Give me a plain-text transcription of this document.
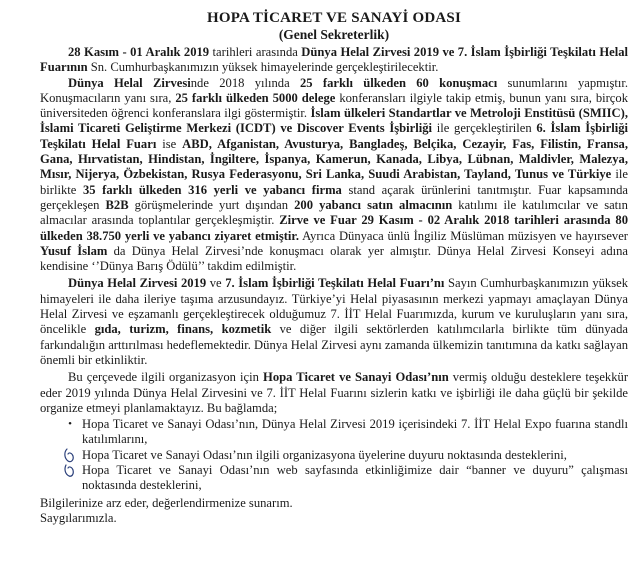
HOPA TİCARET VE SANAYİ ODASI

(Genel Sekreterlik)

28 Kasım - 01 Aralık 2019 tarihleri arasında Dünya Helal Zirvesi 2019 ve 7. İslam İşbirliği Teşkilatı Helal Fuarının Sn. Cumhurbaşkanımızın yüksek himayelerinde gerçekleştirilecektir.

Dünya Helal Zirvesinde 2018 yılında 25 farklı ülkeden 60 konuşmacı sunumlarını yapmıştır. Konuşmacıların yanı sıra, 25 farklı ülkeden 5000 delege konferansları ilgiyle takip etmiş, bunun yanı sıra, birçok üniversiteden öğrenci konferanslara ilgi göstermiştir. İslam ülkeleri Standartlar ve Metroloji Enstitüsü (SMIIC), İslami Ticareti Geliştirme Merkezi (ICDT) ve Discover Events İşbirliği ile gerçekleştirilen 6. İslam İşbirliği Teşkilatı Helal Fuarı ise ABD, Afganistan, Avusturya, Bangladeş, Belçika, Cezayir, Fas, Filistin, Fransa, Gana, Hırvatistan, Hindistan, İngiltere, İspanya, Kamerun, Kanada, Libya, Lübnan, Maldivler, Malezya, Mısır, Nijerya, Özbekistan, Rusya Federasyonu, Sri Lanka, Suudi Arabistan, Tayland, Tunus ve Türkiye ile birlikte 35 farklı ülkeden 316 yerli ve yabancı firma stand açarak ürünlerini tanıtmıştır. Fuar kapsamında gerçekleşen B2B görüşmelerinde yurt dışından 200 yabancı satın almacının katılımı ile katılımcılar ve satın almacılar arasında toplantılar gerçekleşmiştir. Zirve ve Fuar 29 Kasım - 02 Aralık 2018 tarihleri arasında 80 ülkeden 38.750 yerli ve yabancı ziyaret etmiştir. Ayrıca Dünyaca ünlü İngiliz Müslüman müzisyen ve hayırsever Yusuf İslam da Dünya Helal Zirvesi’nde konuşmacı olarak yer almıştır. Dünya Helal Zirvesi Konseyi adına kendisine ‘’Dünya Barış Ödülü’’ takdim edilmiştir.

Dünya Helal Zirvesi 2019 ve 7. İslam İşbirliği Teşkilatı Helal Fuarı’nı Sayın Cumhurbaşkanımızın yüksek himayeleri ile daha ileriye taşıma arzusundayız. Türkiye’yi Helal piyasasının merkezi yapmayı amaçlayan Dünya Helal Zirvesi ve eşzamanlı gerçekleştirecek olduğumuz 7. İİT Helal Fuarımızda, kurum ve kuruluşların yanı sıra, öncelikle gıda, turizm, finans, kozmetik ve diğer ilgili sektörlerden katılımcılarla birlikte tüm dünyada farkındalığın arttırılması hedeflemektedir. Dünya Helal Zirvesi aynı zamanda ülkemizin tanıtımına da katkı sağlayan önemli bir etkinliktir.

Bu çerçevede ilgili organizasyon için Hopa Ticaret ve Sanayi Odası’nın vermiş olduğu desteklere teşekkür eder 2019 yılında Dünya Helal Zirvesini ve 7. İİT Helal Fuarını sizlerin katkı ve işbirliği ile daha güçlü bir şekilde organize etmeyi planlamaktayız. Bu bağlamda;

• Hopa Ticaret ve Sanayi Odası’nın, Dünya Helal Zirvesi 2019 içerisindeki 7. İİT Helal Expo fuarına standlı katılımlarını,
Hopa Ticaret ve Sanayi Odası’nın ilgili organizasyona üyelerine duyuru noktasında desteklerini,
Hopa Ticaret ve Sanayi Odası’nın web sayfasında etkinliğimize dair “banner ve duyuru” çalışması noktasında desteklerini,

Bilgilerinize arz eder, değerlendirmenize sunarım.

Saygılarımızla.
